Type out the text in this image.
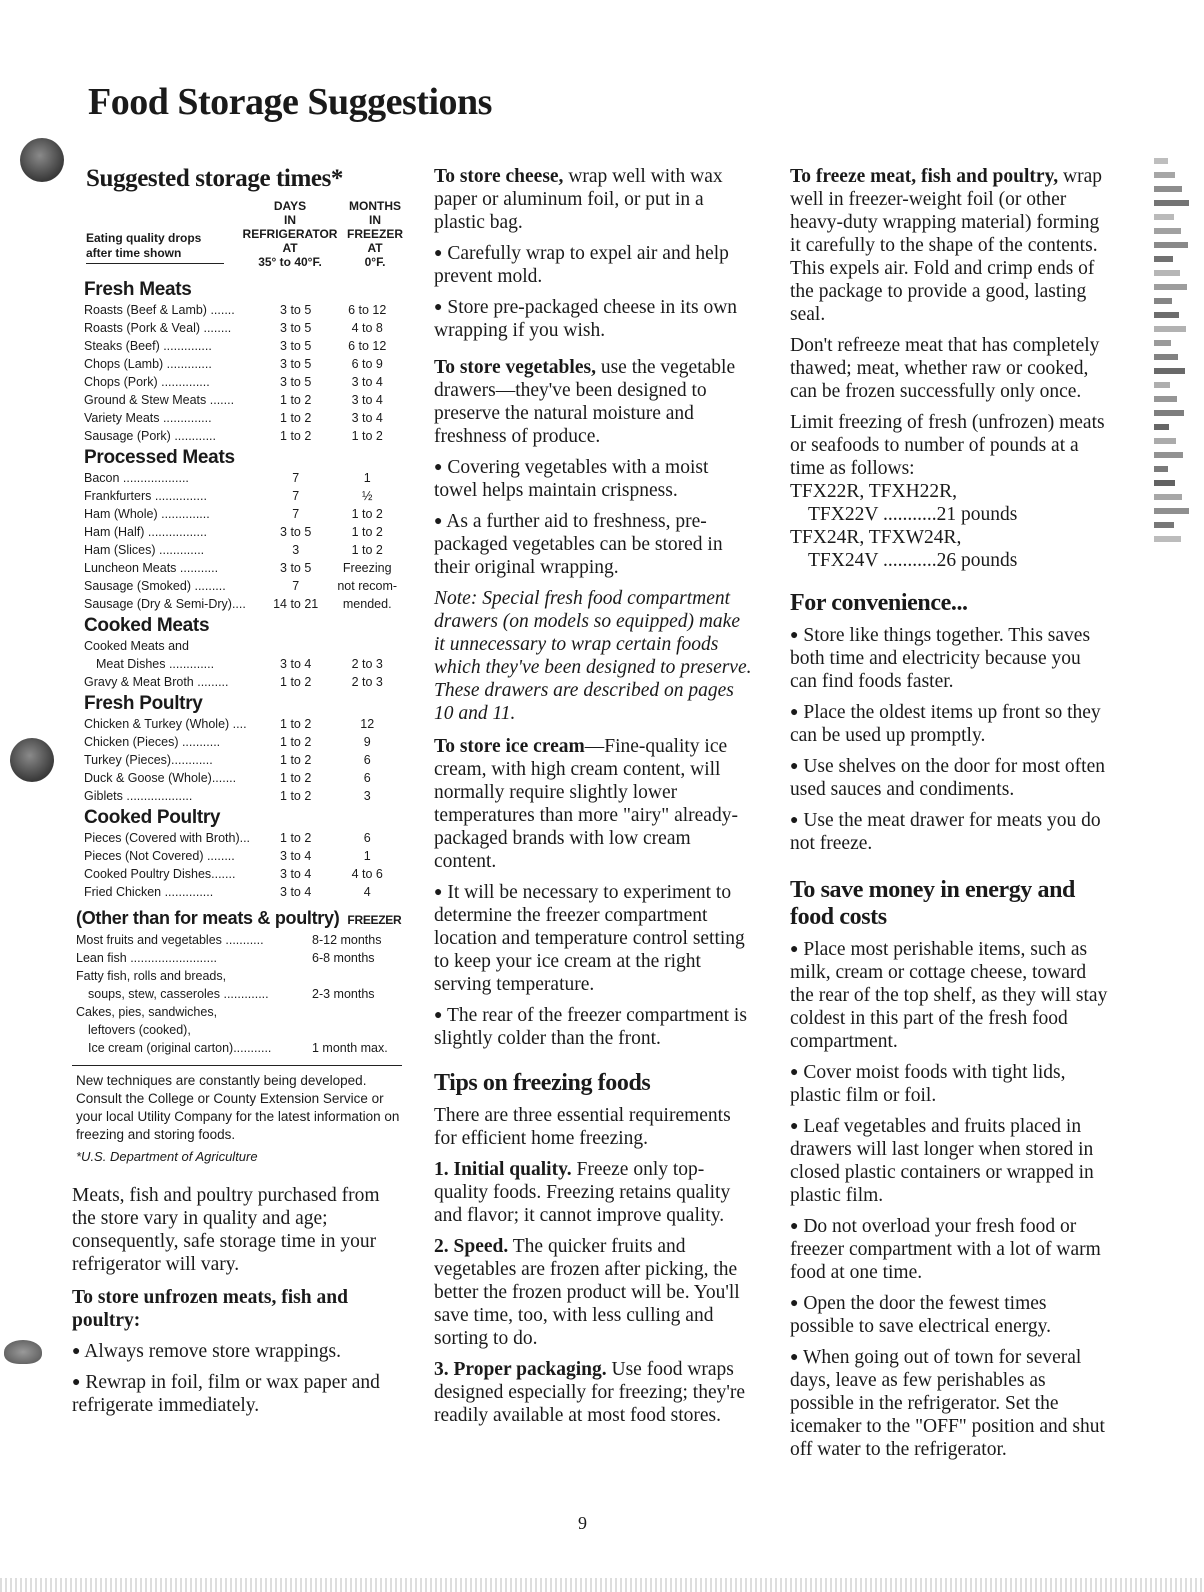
Food Storage Suggestions
Suggested storage times*
Eating quality drops
after time shown
DAYS
IN
REFRIGERATOR
AT
35° to 40°F.
MONTHS
IN
FREEZER
AT
0°F.
Fresh Meats
Roasts (Beef & Lamb) .......	3 to 5	6 to 12
Roasts (Pork & Veal) ........	3 to 5	4 to 8
Steaks (Beef) ..............	3 to 5	6 to 12
Chops (Lamb) .............	3 to 5	6 to 9
Chops (Pork) ..............	3 to 5	3 to 4
Ground & Stew Meats .......	1 to 2	3 to 4
Variety Meats ..............	1 to 2	3 to 4
Sausage (Pork) ............	1 to 2	1 to 2
Processed Meats
Bacon ...................	7	1
Frankfurters ...............	7	½
Ham (Whole) ..............	7	1 to 2
Ham (Half) .................	3 to 5	1 to 2
Ham (Slices) .............	3	1 to 2
Luncheon Meats ...........	3 to 5	Freezing
Sausage (Smoked) .........	7	not recom-
Sausage (Dry & Semi-Dry)....	14 to 21	mended.
Cooked Meats
Cooked Meats and
Meat Dishes .............	3 to 4	2 to 3
Gravy & Meat Broth .........	1 to 2	2 to 3
Fresh Poultry
Chicken & Turkey (Whole) ....	1 to 2	12
Chicken (Pieces) ...........	1 to 2	9
Turkey (Pieces)............	1 to 2	6
Duck & Goose (Whole).......	1 to 2	6
Giblets ...................	1 to 2	3
Cooked Poultry
Pieces (Covered with Broth)...	1 to 2	6
Pieces (Not Covered) ........	3 to 4	1
Cooked Poultry Dishes.......	3 to 4	4 to 6
Fried Chicken ..............	3 to 4	4
(Other than for meats & poultry) FREEZER
Most fruits and vegetables ...........	8-12 months
Lean fish .........................	6-8 months
Fatty fish, rolls and breads,
soups, stew, casseroles .............	2-3 months
Cakes, pies, sandwiches,
leftovers (cooked),
Ice cream (original carton)...........	1 month max.
New techniques are constantly being developed. Consult the College or County Extension Service or your local Utility Company for the latest information on freezing and storing foods.
*U.S. Department of Agriculture

Meats, fish and poultry purchased from the store vary in quality and age; consequently, safe storage time in your refrigerator will vary.

To store unfrozen meats, fish and poultry:

● Always remove store wrappings.
● Rewrap in foil, film or wax paper and refrigerate immediately.

To store cheese, wrap well with wax paper or aluminum foil, or put in a plastic bag.

● Carefully wrap to expel air and help prevent mold.
● Store pre-packaged cheese in its own wrapping if you wish.

To store vegetables, use the vegetable drawers—they've been designed to preserve the natural moisture and freshness of produce.

● Covering vegetables with a moist towel helps maintain crispness.
● As a further aid to freshness, pre-packaged vegetables can be stored in their original wrapping.
Note: Special fresh food compartment drawers (on models so equipped) make it unnecessary to wrap certain foods which they've been designed to preserve. These drawers are described on pages 10 and 11.

To store ice cream—Fine-quality ice cream, with high cream content, will normally require slightly lower temperatures than more "airy" already-packaged brands with low cream content.

● It will be necessary to experiment to determine the freezer compartment location and temperature control setting to keep your ice cream at the right serving temperature.
● The rear of the freezer compartment is slightly colder than the front.
Tips on freezing foods

There are three essential requirements for efficient home freezing.

1. Initial quality. Freeze only top-quality foods. Freezing retains quality and flavor; it cannot improve quality.

2. Speed. The quicker fruits and vegetables are frozen after picking, the better the frozen product will be. You'll save time, too, with less culling and sorting to do.

3. Proper packaging. Use food wraps designed especially for freezing; they're readily available at most food stores.

To freeze meat, fish and poultry, wrap well in freezer-weight foil (or other heavy-duty wrapping material) forming it carefully to the shape of the contents. This expels air. Fold and crimp ends of the package to provide a good, lasting seal.

Don't refreeze meat that has completely thawed; meat, whether raw or cooked, can be frozen successfully only once.

Limit freezing of fresh (unfrozen) meats or seafoods to number of pounds at a time as follows:

TFX22R, TFXH22R,
TFX22V ...........21 pounds
TFX24R, TFXW24R,
TFX24V ...........26 pounds
For convenience...
● Store like things together. This saves both time and electricity because you can find foods faster.
● Place the oldest items up front so they can be used up promptly.
● Use shelves on the door for most often used sauces and condiments.
● Use the meat drawer for meats you do not freeze.
To save money in energy and food costs
● Place most perishable items, such as milk, cream or cottage cheese, toward the rear of the top shelf, as they will stay coldest in this part of the fresh food compartment.
● Cover moist foods with tight lids, plastic film or foil.
● Leaf vegetables and fruits placed in drawers will last longer when stored in closed plastic containers or wrapped in plastic film.
● Do not overload your fresh food or freezer compartment with a lot of warm food at one time.
● Open the door the fewest times possible to save electrical energy.
● When going out of town for several days, leave as few perishables as possible in the refrigerator. Set the icemaker to the "OFF" position and shut off water to the refrigerator.
9
